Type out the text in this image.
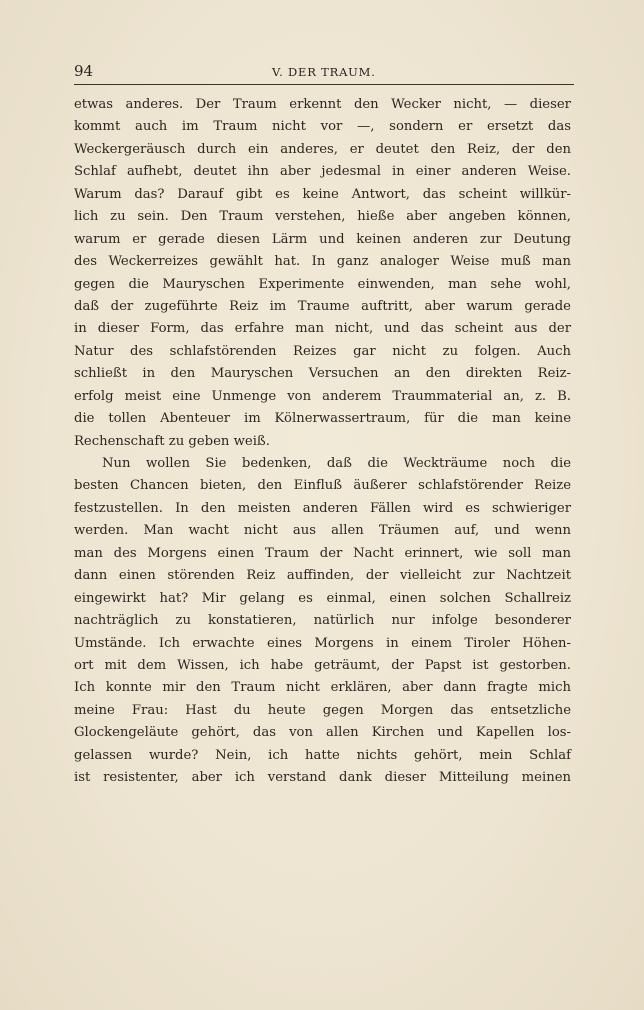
94	V. DER TRAUM.
etwas anderes. Der Traum erkennt den Wecker nicht, — dieser
kommt auch im Traum nicht vor —, sondern er ersetzt das
Weckergeräusch durch ein anderes, er deutet den Reiz, der den
Schlaf aufhebt, deutet ihn aber jedesmal in einer anderen Weise.
Warum das? Darauf gibt es keine Antwort, das scheint willkür-
lich zu sein. Den Traum verstehen, hieße aber angeben können,
warum er gerade diesen Lärm und keinen anderen zur Deutung
des Weckerreizes gewählt hat. In ganz analoger Weise muß man
gegen die Mauryschen Experimente einwenden, man sehe wohl,
daß der zugeführte Reiz im Traume auftritt, aber warum gerade
in dieser Form, das erfahre man nicht, und das scheint aus der
Natur des schlafstörenden Reizes gar nicht zu folgen. Auch
schließt in den Mauryschen Versuchen an den direkten Reiz-
erfolg meist eine Unmenge von anderem Traummaterial an, z. B.
die tollen Abenteuer im Kölnerwassertraum, für die man keine
Rechenschaft zu geben weiß.
Nun wollen Sie bedenken, daß die Weckträume noch die
besten Chancen bieten, den Einfluß äußerer schlafstörender Reize
festzustellen. In den meisten anderen Fällen wird es schwieriger
werden. Man wacht nicht aus allen Träumen auf, und wenn
man des Morgens einen Traum der Nacht erinnert, wie soll man
dann einen störenden Reiz auffinden, der vielleicht zur Nachtzeit
eingewirkt hat? Mir gelang es einmal, einen solchen Schallreiz
nachträglich zu konstatieren, natürlich nur infolge besonderer
Umstände. Ich erwachte eines Morgens in einem Tiroler Höhen-
ort mit dem Wissen, ich habe geträumt, der Papst ist gestorben.
Ich konnte mir den Traum nicht erklären, aber dann fragte mich
meine Frau: Hast du heute gegen Morgen das entsetzliche
Glockengeläute gehört, das von allen Kirchen und Kapellen los-
gelassen wurde? Nein, ich hatte nichts gehört, mein Schlaf
ist resistenter, aber ich verstand dank dieser Mitteilung meinen
